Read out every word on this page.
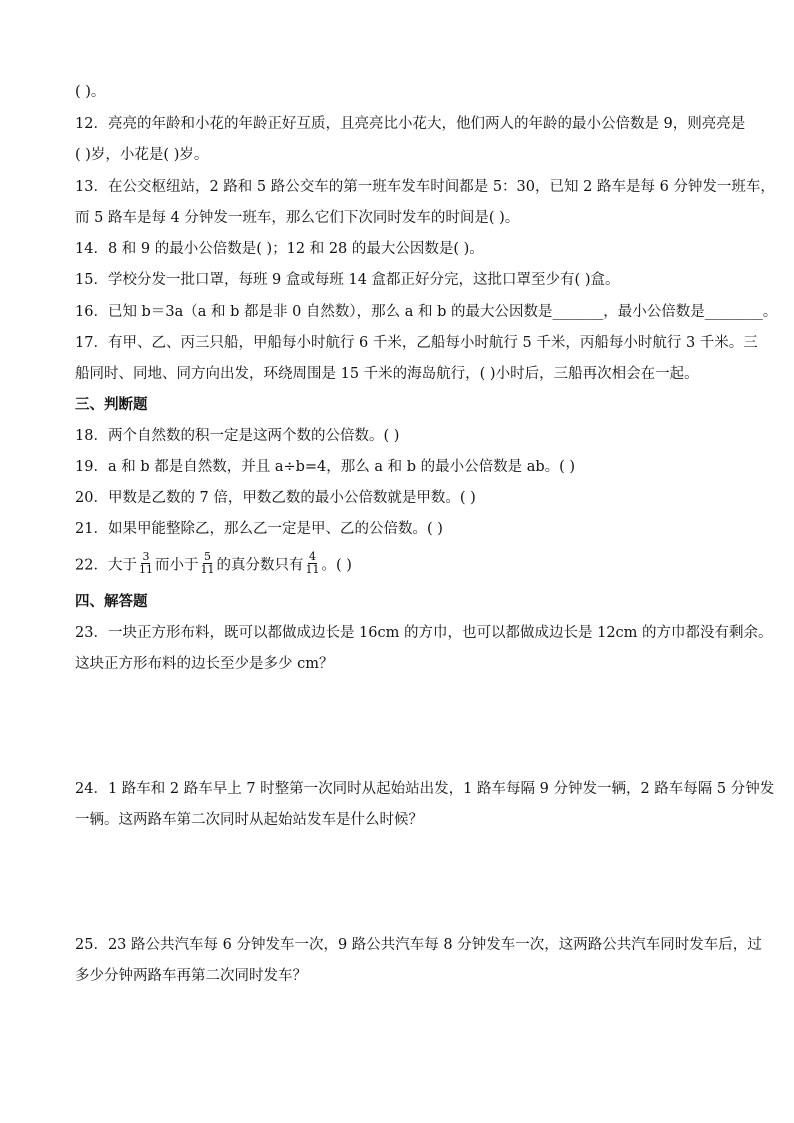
( )。
12．亮亮的年龄和小花的年龄正好互质，且亮亮比小花大，他们两人的年龄的最小公倍数是 9，则亮亮是
( )岁，小花是( )岁。
13．在公交枢纽站，2 路和 5 路公交车的第一班车发车时间都是 5：30，已知 2 路车是每 6 分钟发一班车，
而 5 路车是每 4 分钟发一班车，那么它们下次同时发车的时间是( )。
14．8 和 9 的最小公倍数是( )；12 和 28 的最大公因数是( )。
15．学校分发一批口罩，每班 9 盒或每班 14 盒都正好分完，这批口罩至少有( )盒。
16．已知 b＝3a（a 和 b 都是非 0 自然数），那么 a 和 b 的最大公因数是_______，最小公倍数是________。
17．有甲、乙、丙三只船，甲船每小时航行 6 千米，乙船每小时航行 5 千米，丙船每小时航行 3 千米。三
船同时、同地、同方向出发，环绕周围是 15 千米的海岛航行，( )小时后，三船再次相会在一起。
三、判断题
18．两个自然数的积一定是这两个数的公倍数。( )
19．a 和 b 都是自然数，并且 a÷b=4，那么 a 和 b 的最小公倍数是 ab。( )
20．甲数是乙数的 7 倍，甲数乙数的最小公倍数就是甲数。( )
21．如果甲能整除乙，那么乙一定是甲、乙的公倍数。( )
22．大于 $\frac{3}{11}$ 而小于 $\frac{5}{11}$ 的真分数只有 $\frac{4}{11}$ 。( )
四、解答题
23．一块正方形布料，既可以都做成边长是 16cm 的方巾，也可以都做成边长是 12cm 的方巾都没有剩余。
这块正方形布料的边长至少是多少 cm？
24．1 路车和 2 路车早上 7 时整第一次同时从起始站出发，1 路车每隔 9 分钟发一辆，2 路车每隔 5 分钟发
一辆。这两路车第二次同时从起始站发车是什么时候？
25．23 路公共汽车每 6 分钟发车一次，9 路公共汽车每 8 分钟发车一次，这两路公共汽车同时发车后，过
多少分钟两路车再第二次同时发车？
